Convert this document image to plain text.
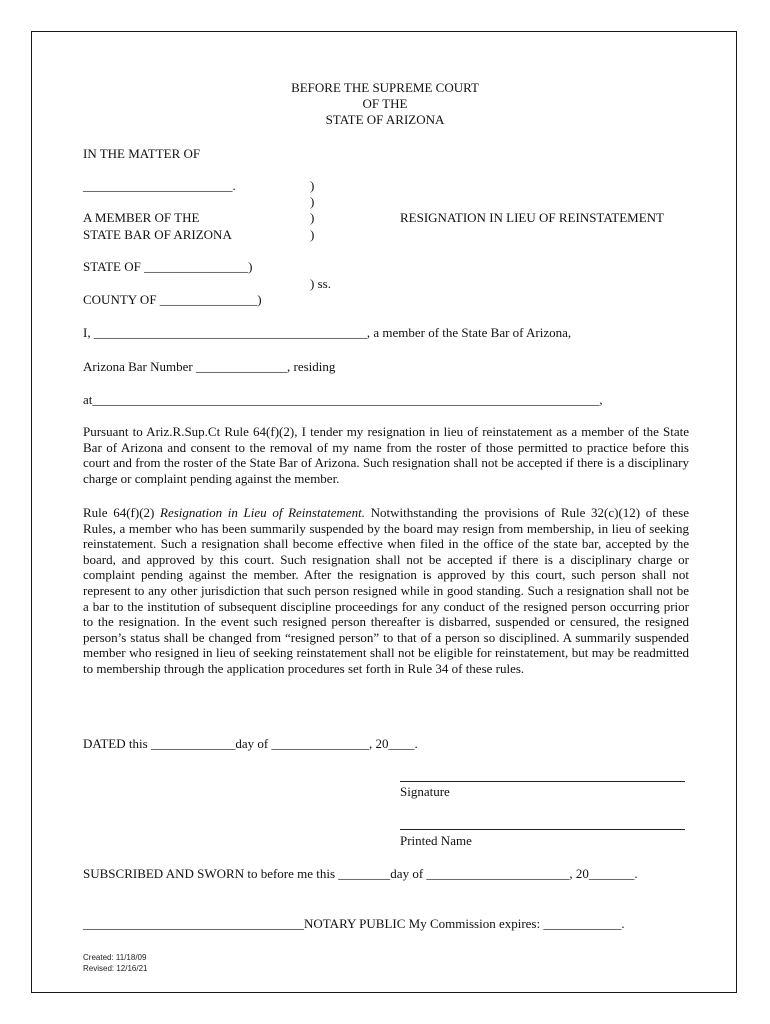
BEFORE THE SUPREME COURT
OF THE
STATE OF ARIZONA
IN THE MATTER OF
_______________________.
A MEMBER OF THE
STATE BAR OF ARIZONA
)
)
)
)
RESIGNATION IN LIEU OF REINSTATEMENT
STATE OF ________________)
) ss.
COUNTY OF _______________)
I, __________________________________________, a member of the State Bar of Arizona,
Arizona Bar Number ______________, residing
at______________________________________________________________________________,
Pursuant to Ariz.R.Sup.Ct Rule 64(f)(2), I tender my resignation in lieu of reinstatement as a member of the State Bar of Arizona and consent to the removal of my name from the roster of those permitted to practice before this court and from the roster of the State Bar of Arizona. Such resignation shall not be accepted if there is a disciplinary charge or complaint pending against the member.
Rule 64(f)(2) Resignation in Lieu of Reinstatement. Notwithstanding the provisions of Rule 32(c)(12) of these Rules, a member who has been summarily suspended by the board may resign from membership, in lieu of seeking reinstatement. Such a resignation shall become effective when filed in the office of the state bar, accepted by the board, and approved by this court. Such resignation shall not be accepted if there is a disciplinary charge or complaint pending against the member. After the resignation is approved by this court, such person shall not represent to any other jurisdiction that such person resigned while in good standing. Such a resignation shall not be a bar to the institution of subsequent discipline proceedings for any conduct of the resigned person occurring prior to the resignation. In the event such resigned person thereafter is disbarred, suspended or censured, the resigned person’s status shall be changed from “resigned person” to that of a person so disciplined. A summarily suspended member who resigned in lieu of seeking reinstatement shall not be eligible for reinstatement, but may be readmitted to membership through the application procedures set forth in Rule 34 of these rules.
DATED this _____________day of _______________, 20____.
Signature
Printed Name
SUBSCRIBED AND SWORN to before me this ________day of ______________________, 20_______.
__________________________________NOTARY PUBLIC My Commission expires: ____________.
Created: 11/18/09
Revised: 12/16/21
